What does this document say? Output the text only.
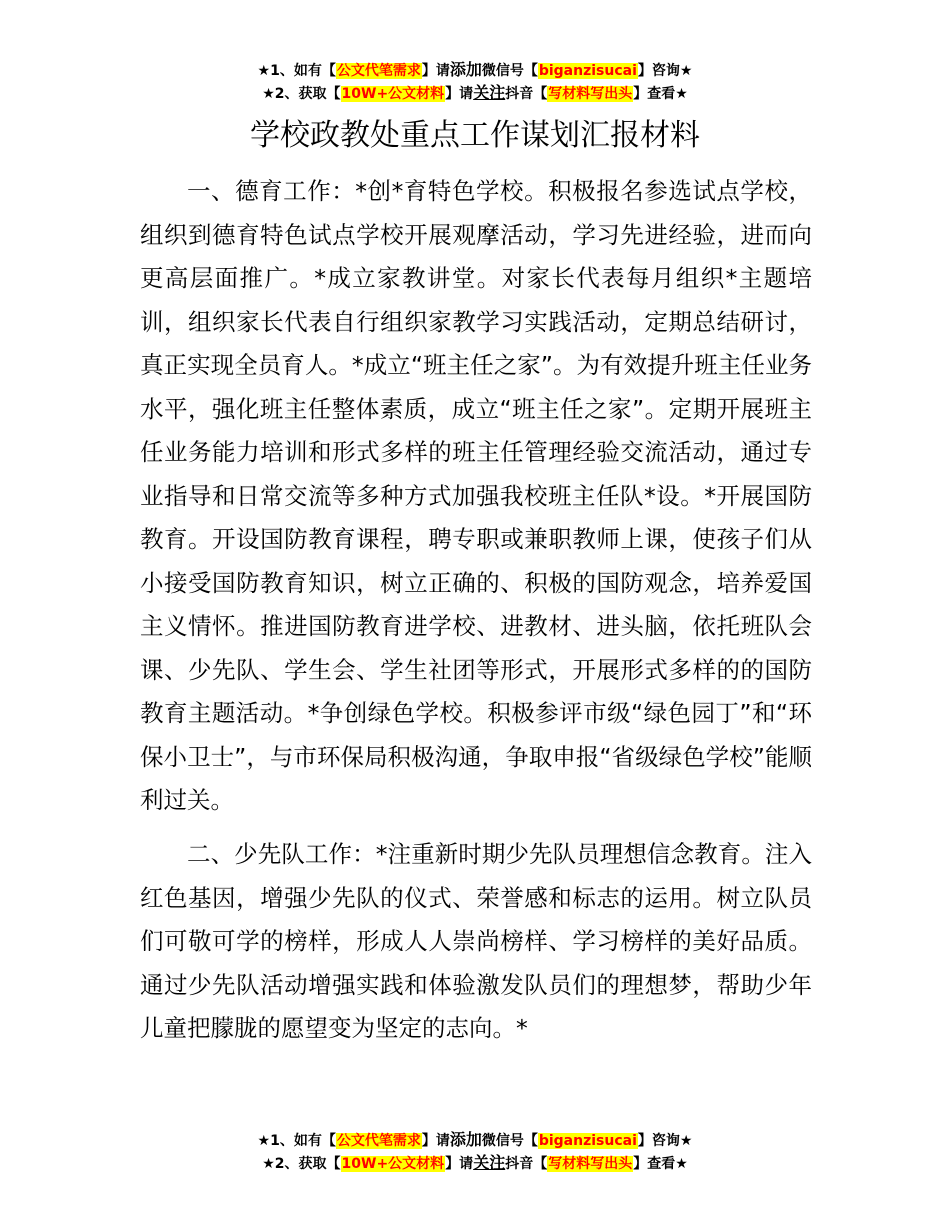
★1、如有【公文代笔需求】请添加微信号【biganzisucai】咨询★
★2、获取【10W+公文材料】请关注抖音【写材料写出头】查看★
学校政教处重点工作谋划汇报材料

一、德育工作：*创*育特色学校。积极报名参选试点学校，组织到德育特色试点学校开展观摩活动，学习先进经验，进而向更高层面推广。*成立家教讲堂。对家长代表每月组织*主题培训，组织家长代表自行组织家教学习实践活动，定期总结研讨，真正实现全员育人。*成立“班主任之家”。为有效提升班主任业务水平，强化班主任整体素质，成立“班主任之家”。定期开展班主任业务能力培训和形式多样的班主任管理经验交流活动，通过专业指导和日常交流等多种方式加强我校班主任队*设。*开展国防教育。开设国防教育课程，聘专职或兼职教师上课，使孩子们从小接受国防教育知识，树立正确的、积极的国防观念，培养爱国主义情怀。推进国防教育进学校、进教材、进头脑，依托班队会课、少先队、学生会、学生社团等形式，开展形式多样的的国防教育主题活动。*争创绿色学校。积极参评市级“绿色园丁”和“环保小卫士”，与市环保局积极沟通，争取申报“省级绿色学校”能顺利过关。

二、少先队工作：*注重新时期少先队员理想信念教育。注入红色基因，增强少先队的仪式、荣誉感和标志的运用。树立队员们可敬可学的榜样，形成人人崇尚榜样、学习榜样的美好品质。通过少先队活动增强实践和体验激发队员们的理想梦，帮助少年儿童把朦胧的愿望变为坚定的志向。*

★1、如有【公文代笔需求】请添加微信号【biganzisucai】咨询★
★2、获取【10W+公文材料】请关注抖音【写材料写出头】查看★
